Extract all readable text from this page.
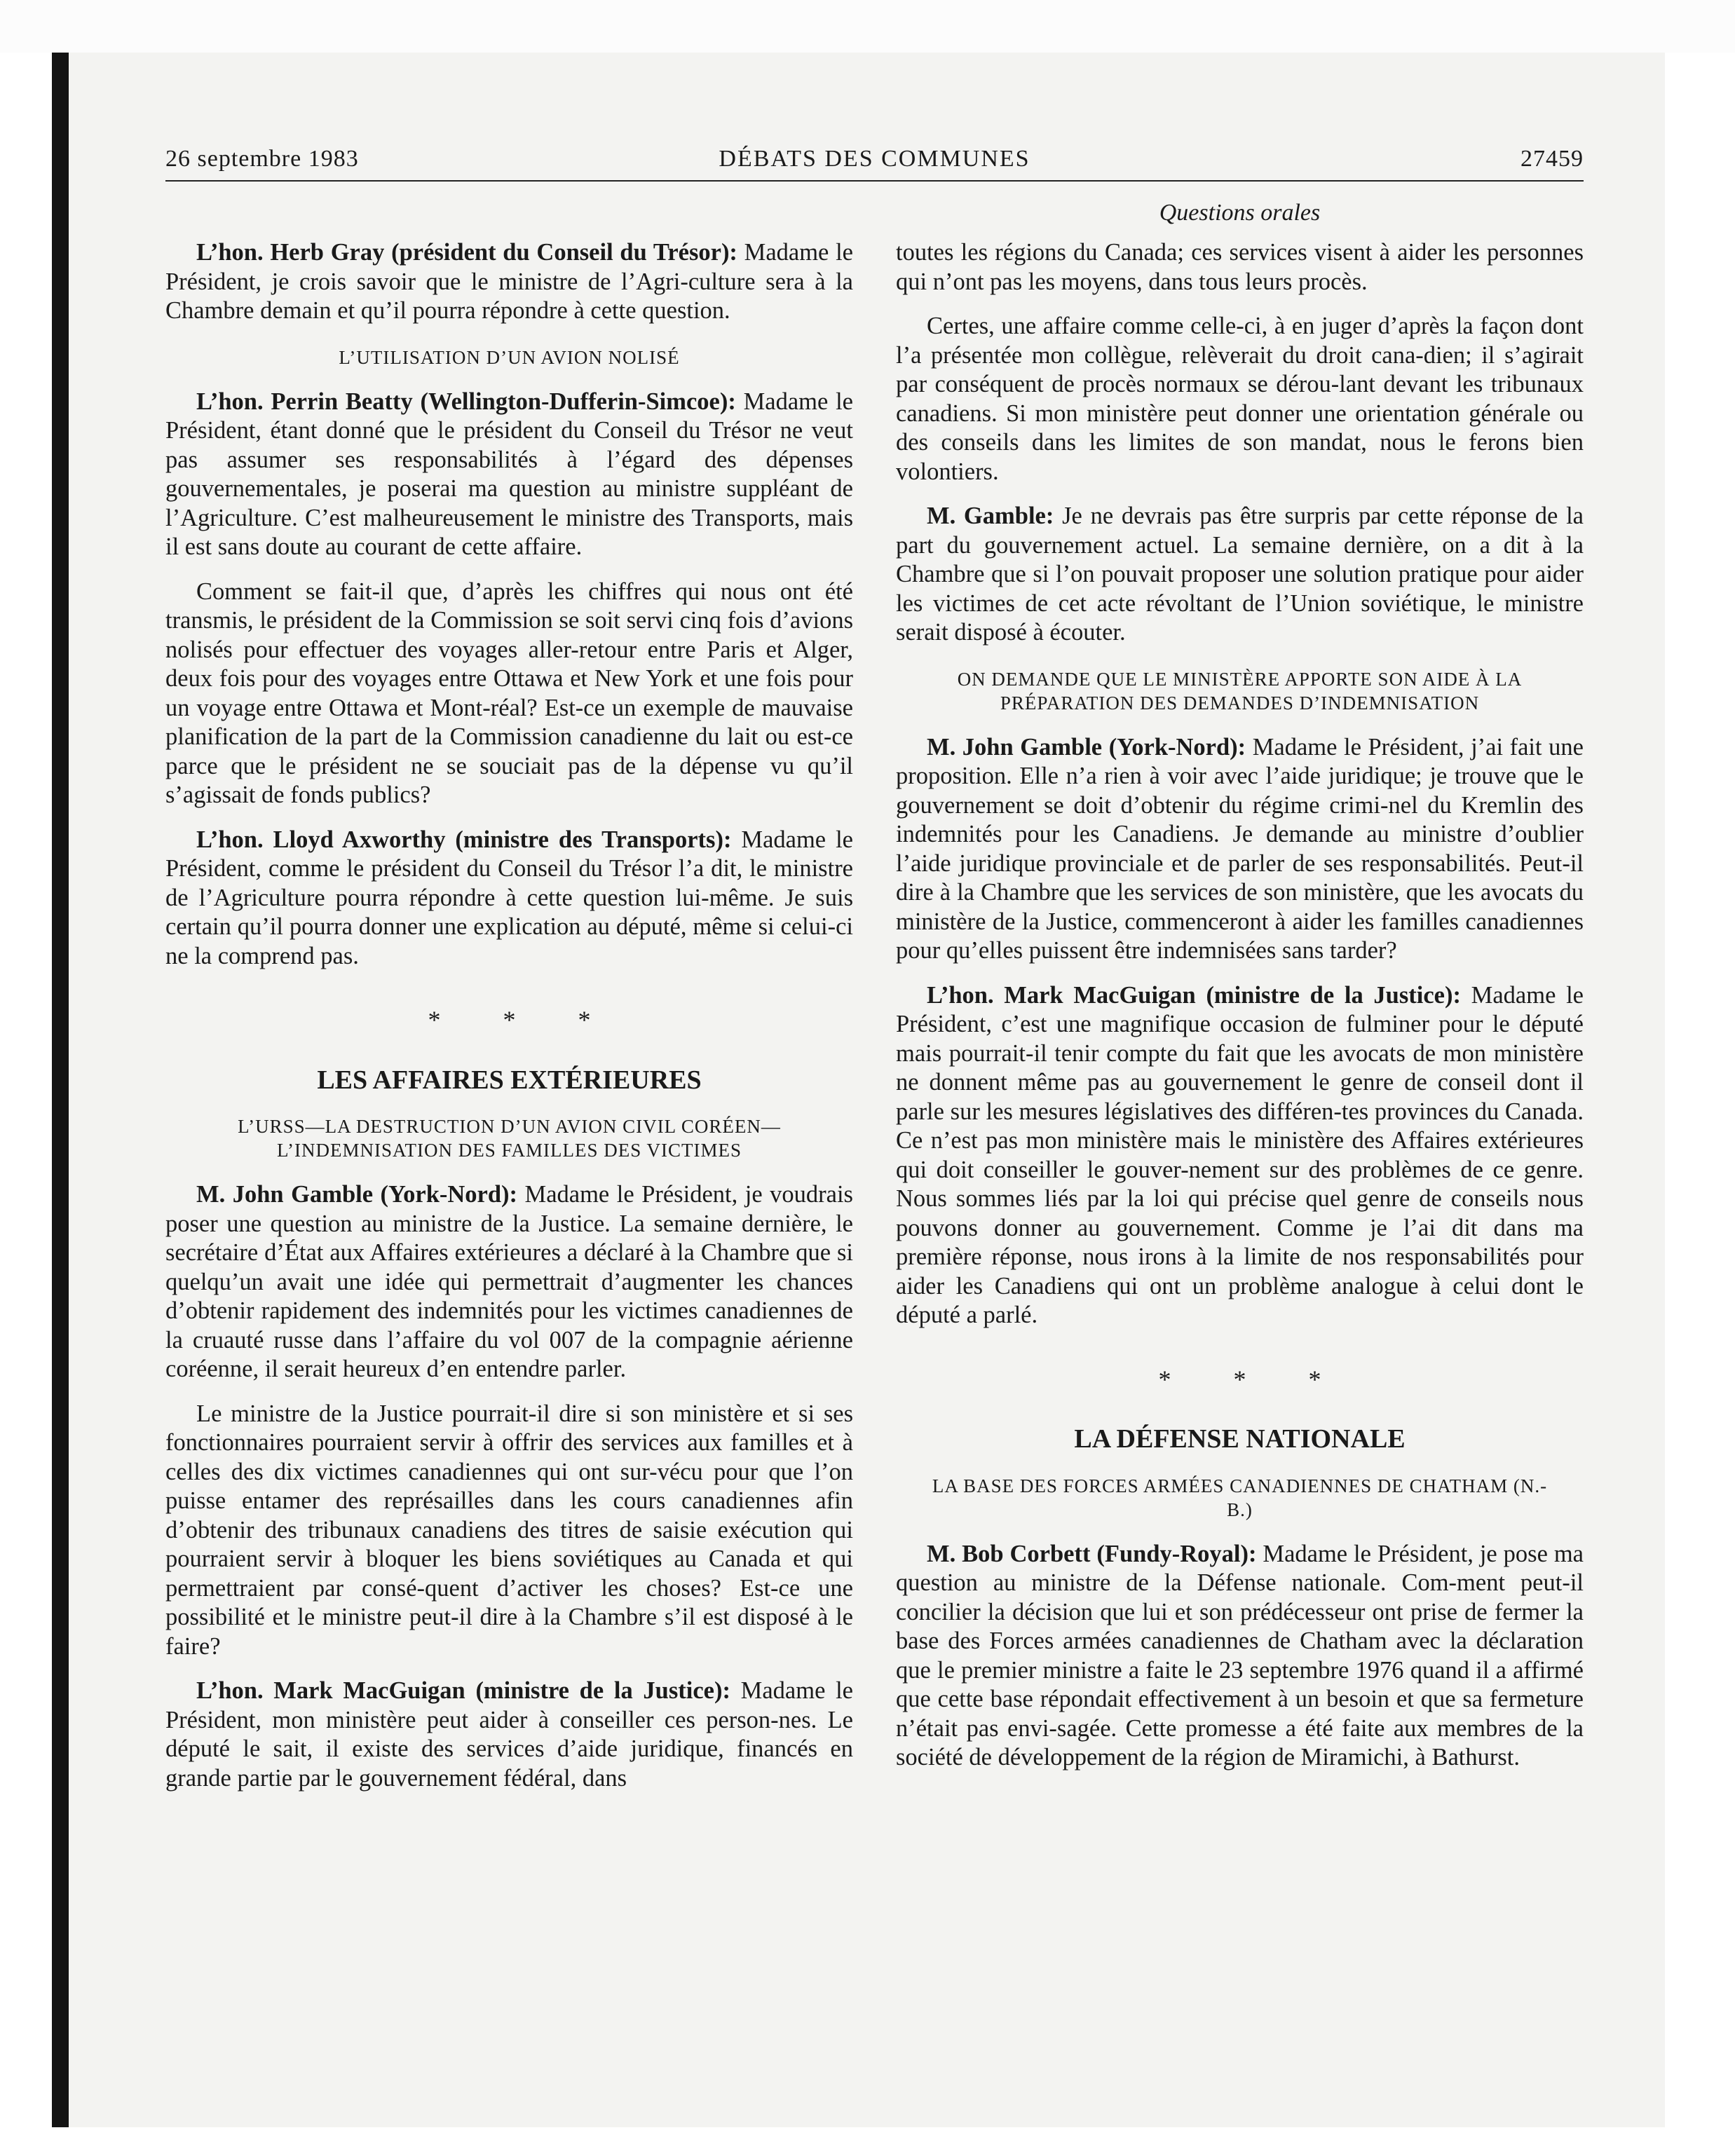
DÉBATS DES COMMUNES
26 septembre 1983	27459
Questions orales

L’hon. Herb Gray (président du Conseil du Trésor): Madame le Président, je crois savoir que le ministre de l’Agri-culture sera à la Chambre demain et qu’il pourra répondre à cette question.

L’UTILISATION D’UN AVION NOLISÉ

L’hon. Perrin Beatty (Wellington-Dufferin-Simcoe): Madame le Président, étant donné que le président du Conseil du Trésor ne veut pas assumer ses responsabilités à l’égard des dépenses gouvernementales, je poserai ma question au ministre suppléant de l’Agriculture. C’est malheureusement le ministre des Transports, mais il est sans doute au courant de cette affaire.

Comment se fait-il que, d’après les chiffres qui nous ont été transmis, le président de la Commission se soit servi cinq fois d’avions nolisés pour effectuer des voyages aller-retour entre Paris et Alger, deux fois pour des voyages entre Ottawa et New York et une fois pour un voyage entre Ottawa et Mont-réal? Est-ce un exemple de mauvaise planification de la part de la Commission canadienne du lait ou est-ce parce que le président ne se souciait pas de la dépense vu qu’il s’agissait de fonds publics?

L’hon. Lloyd Axworthy (ministre des Transports): Madame le Président, comme le président du Conseil du Trésor l’a dit, le ministre de l’Agriculture pourra répondre à cette question lui-même. Je suis certain qu’il pourra donner une explication au député, même si celui-ci ne la comprend pas.

* * *
LES AFFAIRES EXTÉRIEURES
L’URSS—LA DESTRUCTION D’UN AVION CIVIL CORÉEN—
L’INDEMNISATION DES FAMILLES DES VICTIMES

M. John Gamble (York-Nord): Madame le Président, je voudrais poser une question au ministre de la Justice. La semaine dernière, le secrétaire d’État aux Affaires extérieures a déclaré à la Chambre que si quelqu’un avait une idée qui permettrait d’augmenter les chances d’obtenir rapidement des indemnités pour les victimes canadiennes de la cruauté russe dans l’affaire du vol 007 de la compagnie aérienne coréenne, il serait heureux d’en entendre parler.

Le ministre de la Justice pourrait-il dire si son ministère et si ses fonctionnaires pourraient servir à offrir des services aux familles et à celles des dix victimes canadiennes qui ont sur-vécu pour que l’on puisse entamer des représailles dans les cours canadiennes afin d’obtenir des tribunaux canadiens des titres de saisie exécution qui pourraient servir à bloquer les biens soviétiques au Canada et qui permettraient par consé-quent d’activer les choses? Est-ce une possibilité et le ministre peut-il dire à la Chambre s’il est disposé à le faire?

L’hon. Mark MacGuigan (ministre de la Justice): Madame le Président, mon ministère peut aider à conseiller ces person-nes. Le député le sait, il existe des services d’aide juridique, financés en grande partie par le gouvernement fédéral, dans

toutes les régions du Canada; ces services visent à aider les personnes qui n’ont pas les moyens, dans tous leurs procès.

Certes, une affaire comme celle-ci, à en juger d’après la façon dont l’a présentée mon collègue, relèverait du droit cana-dien; il s’agirait par conséquent de procès normaux se dérou-lant devant les tribunaux canadiens. Si mon ministère peut donner une orientation générale ou des conseils dans les limites de son mandat, nous le ferons bien volontiers.

M. Gamble: Je ne devrais pas être surpris par cette réponse de la part du gouvernement actuel. La semaine dernière, on a dit à la Chambre que si l’on pouvait proposer une solution pratique pour aider les victimes de cet acte révoltant de l’Union soviétique, le ministre serait disposé à écouter.

ON DEMANDE QUE LE MINISTÈRE APPORTE SON AIDE À LA
PRÉPARATION DES DEMANDES D’INDEMNISATION

M. John Gamble (York-Nord): Madame le Président, j’ai fait une proposition. Elle n’a rien à voir avec l’aide juridique; je trouve que le gouvernement se doit d’obtenir du régime crimi-nel du Kremlin des indemnités pour les Canadiens. Je demande au ministre d’oublier l’aide juridique provinciale et de parler de ses responsabilités. Peut-il dire à la Chambre que les services de son ministère, que les avocats du ministère de la Justice, commenceront à aider les familles canadiennes pour qu’elles puissent être indemnisées sans tarder?

L’hon. Mark MacGuigan (ministre de la Justice): Madame le Président, c’est une magnifique occasion de fulminer pour le député mais pourrait-il tenir compte du fait que les avocats de mon ministère ne donnent même pas au gouvernement le genre de conseil dont il parle sur les mesures législatives des différen-tes provinces du Canada. Ce n’est pas mon ministère mais le ministère des Affaires extérieures qui doit conseiller le gouver-nement sur des problèmes de ce genre. Nous sommes liés par la loi qui précise quel genre de conseils nous pouvons donner au gouvernement. Comme je l’ai dit dans ma première réponse, nous irons à la limite de nos responsabilités pour aider les Canadiens qui ont un problème analogue à celui dont le député a parlé.

* * *
LA DÉFENSE NATIONALE
LA BASE DES FORCES ARMÉES CANADIENNES DE CHATHAM (N.-
B.)

M. Bob Corbett (Fundy-Royal): Madame le Président, je pose ma question au ministre de la Défense nationale. Com-ment peut-il concilier la décision que lui et son prédécesseur ont prise de fermer la base des Forces armées canadiennes de Chatham avec la déclaration que le premier ministre a faite le 23 septembre 1976 quand il a affirmé que cette base répondait effectivement à un besoin et que sa fermeture n’était pas envi-sagée. Cette promesse a été faite aux membres de la société de développement de la région de Miramichi, à Bathurst.
